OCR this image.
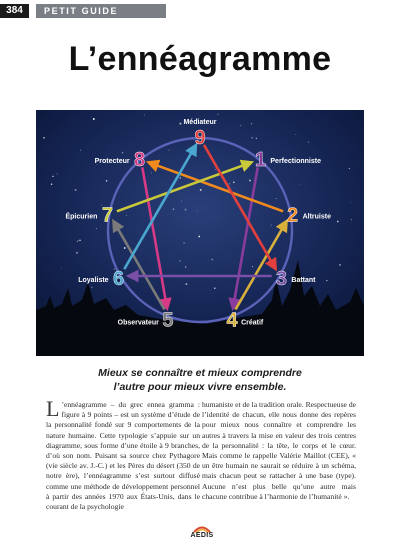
384	PETIT GUIDE
L’ennéagramme
9
Médiateur
1 Perfectionniste
2 Altruiste
3 Battant
4 Créatif
5
Observateur
6
Loyaliste
7
Épicurien
8
Protecteur
Mieux se connaître et mieux comprendre
l’autre pour mieux vivre ensemble.
L ’ennéagramme – du grec ennea gramma : figure à 9 points – est un système d’étude de la personnalité fondé sur 9 comportements de la nature humaine. Cette typologie s’appuie sur un diagramme, sous forme d’une étoile à 9 branches, d’où son nom. Puisant sa source chez Pythagore (vie siècle av. J.-C.) et les Pères du désert (350 de notre ère), l’ennéagramme s’est surtout diffusé comme une méthode de développement personnel à partir des années 1970 aux États-Unis, dans le courant de la psychologie
humaniste et de la tradition orale. Respectueuse de l’identité de chacun, elle nous donne des repères pour mieux nous connaître et comprendre les autres à travers la mise en valeur des trois centres de la personnalité : la tête, le corps et le cœur. Mais comme le rappelle Valérie Maillot (CEE), « un être humain ne saurait se réduire à un schéma, mais chacun peut se rattacher à une base (type). Aucune n’est plus belle qu’une autre mais chacune contribue à l’harmonie de l’humanité ».
AEDIS
